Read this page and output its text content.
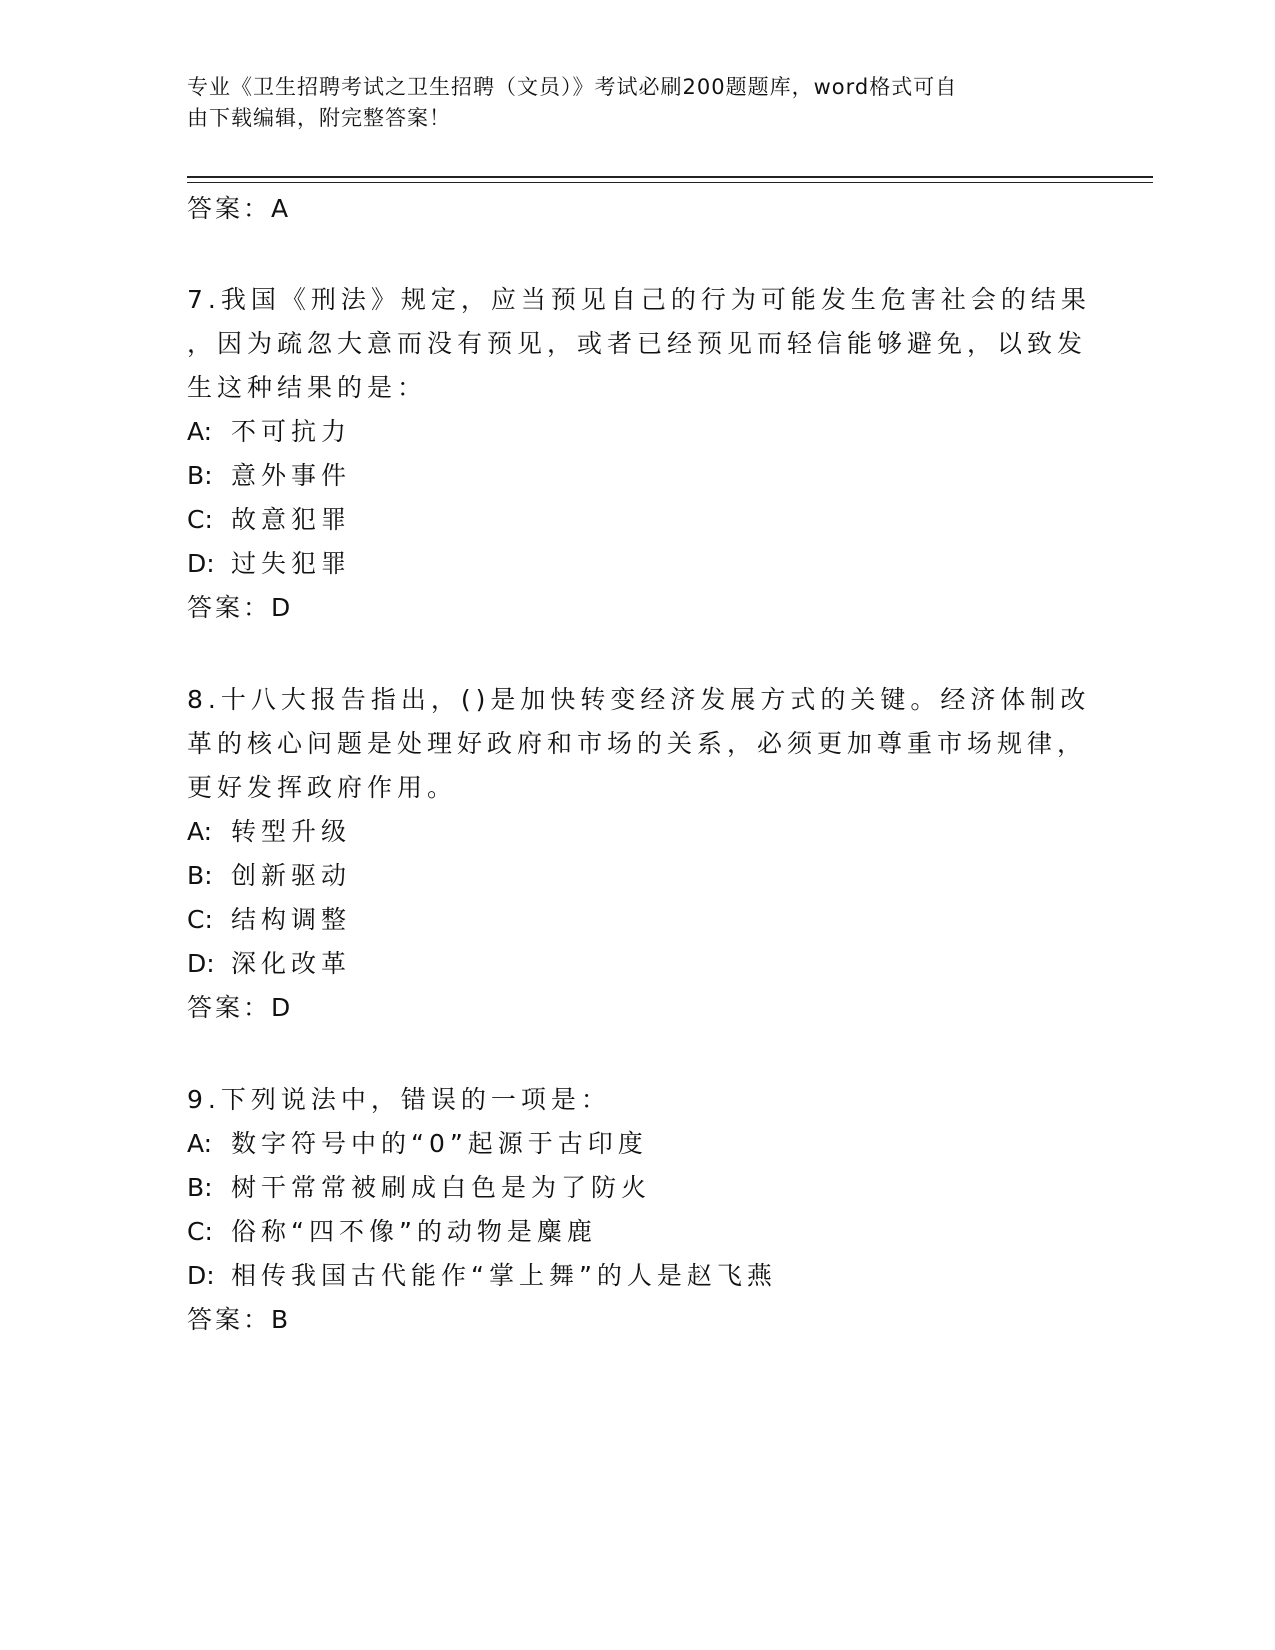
专业《卫生招聘考试之卫生招聘（文员）》考试必刷200题题库，word格式可自
由下载编辑，附完整答案！
答案：A
7.我国《刑法》规定，应当预见自己的行为可能发生危害社会的结果
，因为疏忽大意而没有预见，或者已经预见而轻信能够避免，以致发
生这种结果的是：
A: 不可抗力
B: 意外事件
C: 故意犯罪
D: 过失犯罪
答案：D
8.十八大报告指出，()是加快转变经济发展方式的关键。经济体制改
革的核心问题是处理好政府和市场的关系，必须更加尊重市场规律，
更好发挥政府作用。
A: 转型升级
B: 创新驱动
C: 结构调整
D: 深化改革
答案：D
9.下列说法中，错误的一项是：
A: 数字符号中的“0”起源于古印度
B: 树干常常被刷成白色是为了防火
C: 俗称“四不像”的动物是麋鹿
D: 相传我国古代能作“掌上舞”的人是赵飞燕
答案：B
